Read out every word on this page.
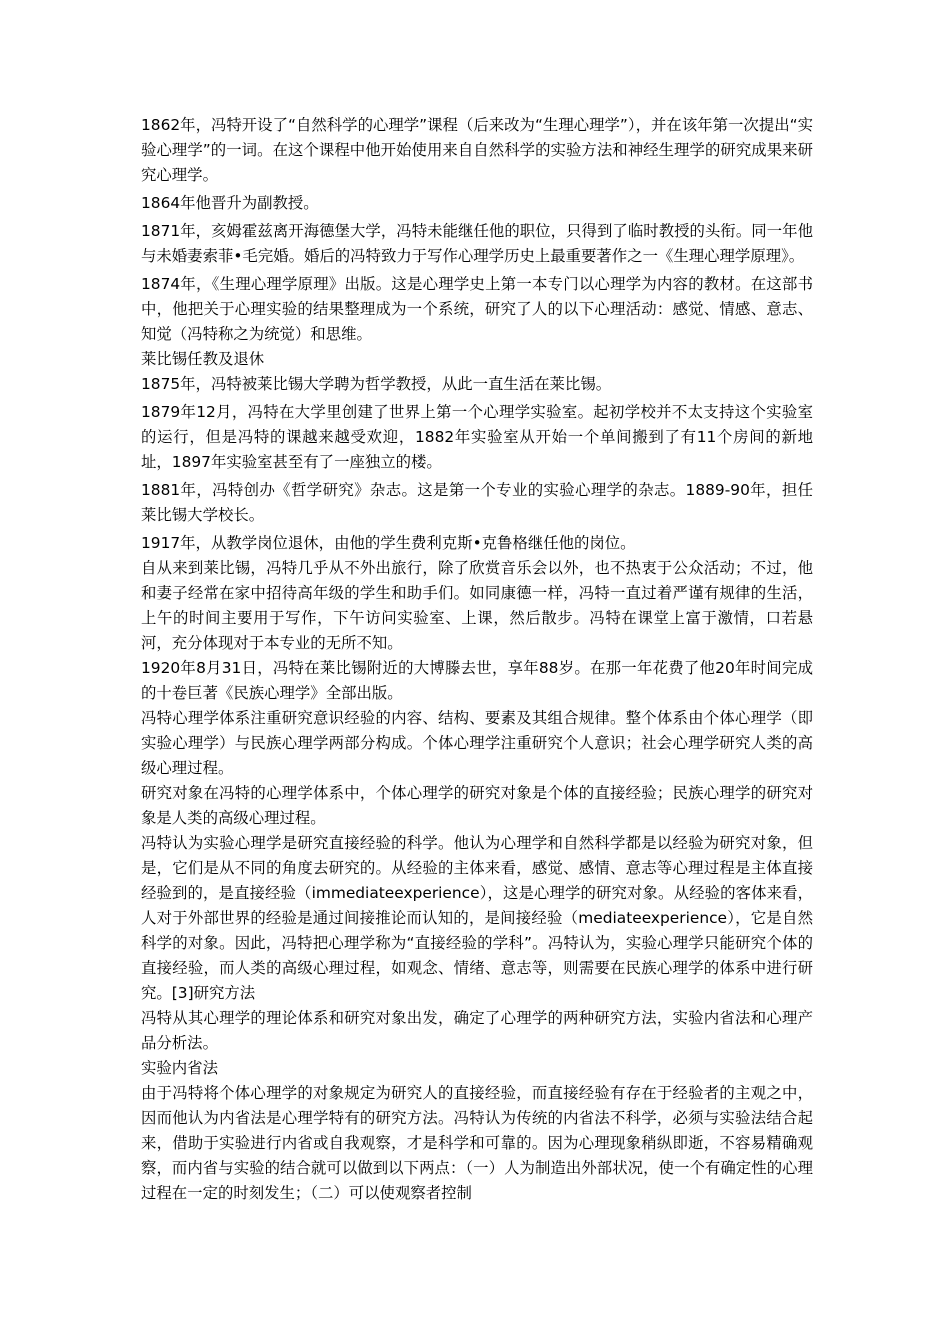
1862年，冯特开设了“自然科学的心理学”课程（后来改为“生理心理学”），并在该年第一次提出“实验心理学”的一词。在这个课程中他开始使用来自自然科学的实验方法和神经生理学的研究成果来研究心理学。

1864年他晋升为副教授。

1871年，亥姆霍兹离开海德堡大学，冯特未能继任他的职位，只得到了临时教授的头衔。同一年他与未婚妻索菲•毛完婚。婚后的冯特致力于写作心理学历史上最重要著作之一《生理心理学原理》。

1874年，《生理心理学原理》出版。这是心理学史上第一本专门以心理学为内容的教材。在这部书中，他把关于心理实验的结果整理成为一个系统，研究了人的以下心理活动：感觉、情感、意志、知觉（冯特称之为统觉）和思维。

莱比锡任教及退休

1875年，冯特被莱比锡大学聘为哲学教授，从此一直生活在莱比锡。

1879年12月，冯特在大学里创建了世界上第一个心理学实验室。起初学校并不太支持这个实验室的运行，但是冯特的课越来越受欢迎，1882年实验室从开始一个单间搬到了有11个房间的新地址，1897年实验室甚至有了一座独立的楼。

1881年，冯特创办《哲学研究》杂志。这是第一个专业的实验心理学的杂志。1889-90年，担任莱比锡大学校长。

1917年，从教学岗位退休，由他的学生费利克斯•克鲁格继任他的岗位。

自从来到莱比锡，冯特几乎从不外出旅行，除了欣赏音乐会以外，也不热衷于公众活动；不过，他和妻子经常在家中招待高年级的学生和助手们。如同康德一样，冯特一直过着严谨有规律的生活，上午的时间主要用于写作，下午访问实验室、上课，然后散步。冯特在课堂上富于激情，口若悬河，充分体现对于本专业的无所不知。

1920年8月31日，冯特在莱比锡附近的大博滕去世，享年88岁。在那一年花费了他20年时间完成的十卷巨著《民族心理学》全部出版。

冯特心理学体系注重研究意识经验的内容、结构、要素及其组合规律。整个体系由个体心理学（即实验心理学）与民族心理学两部分构成。个体心理学注重研究个人意识；社会心理学研究人类的高级心理过程。

研究对象在冯特的心理学体系中，个体心理学的研究对象是个体的直接经验；民族心理学的研究对象是人类的高级心理过程。

冯特认为实验心理学是研究直接经验的科学。他认为心理学和自然科学都是以经验为研究对象，但是，它们是从不同的角度去研究的。从经验的主体来看，感觉、感情、意志等心理过程是主体直接经验到的，是直接经验（immediateexperience），这是心理学的研究对象。从经验的客体来看，人对于外部世界的经验是通过间接推论而认知的，是间接经验（mediateexperience），它是自然科学的对象。因此，冯特把心理学称为“直接经验的学科”。冯特认为，实验心理学只能研究个体的直接经验，而人类的高级心理过程，如观念、情绪、意志等，则需要在民族心理学的体系中进行研究。[3]研究方法

冯特从其心理学的理论体系和研究对象出发，确定了心理学的两种研究方法，实验内省法和心理产品分析法。

实验内省法

由于冯特将个体心理学的对象规定为研究人的直接经验，而直接经验有存在于经验者的主观之中，因而他认为内省法是心理学特有的研究方法。冯特认为传统的内省法不科学，必须与实验法结合起来，借助于实验进行内省或自我观察，才是科学和可靠的。因为心理现象稍纵即逝，不容易精确观察，而内省与实验的结合就可以做到以下两点：（一）人为制造出外部状况，使一个有确定性的心理过程在一定的时刻发生；（二）可以使观察者控制
